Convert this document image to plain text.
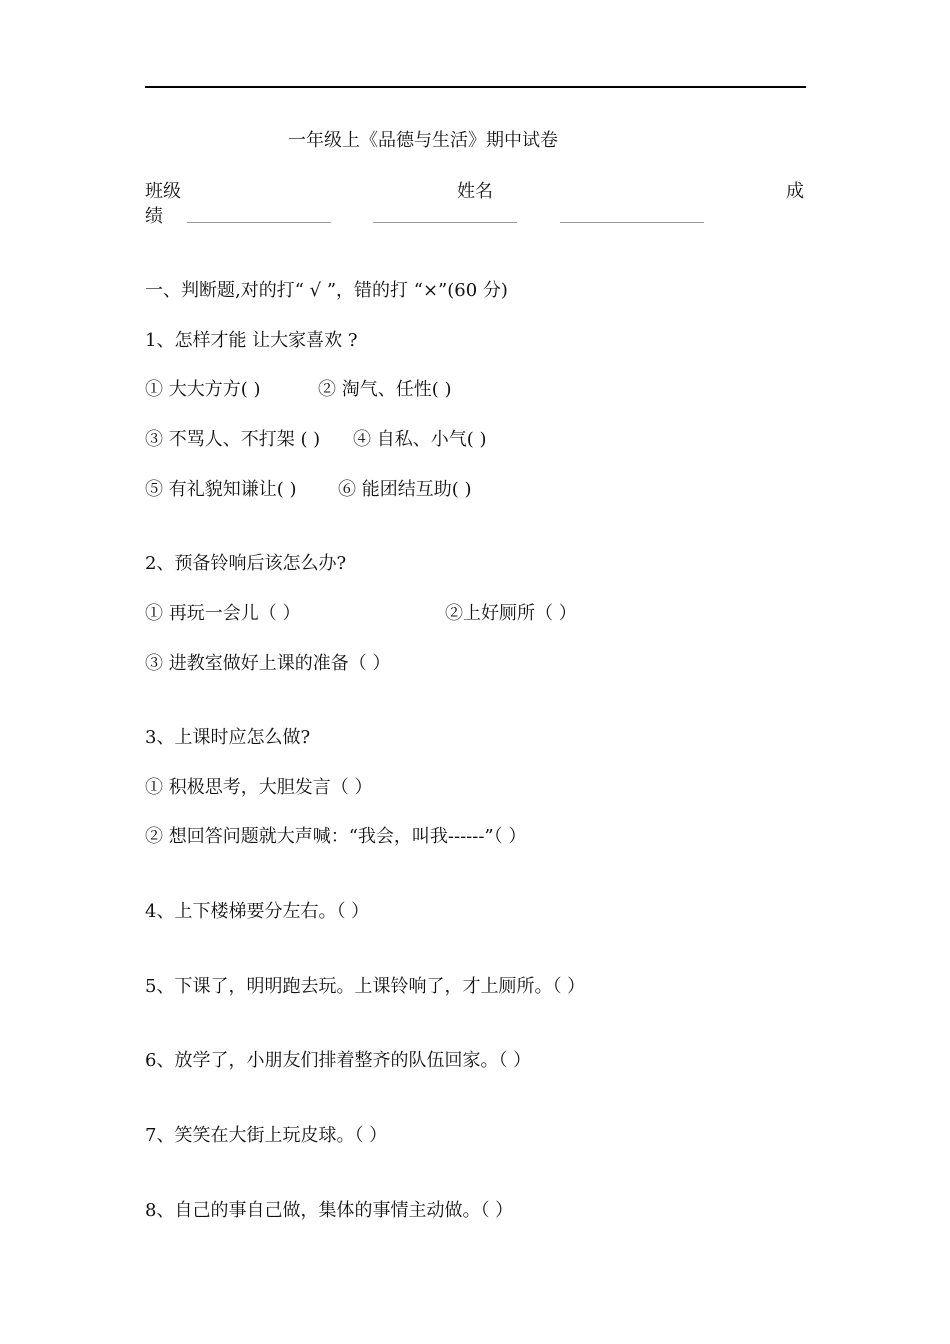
一年级上《品德与生活》期中试卷
班级	姓名	成
绩
一、判断题,对的打“ √ ”，错的打 “×”(60 分)
1、怎样才能 让大家喜欢 ?
① 大大方方( )	② 淘气、任性( )
③ 不骂人、不打架 ( ) ④ 自私、小气( )
⑤ 有礼貌知谦让( ) ⑥ 能团结互助( )
2、预备铃响后该怎么办?
① 再玩一会儿（ ）	②上好厕所（ ）
③ 进教室做好上课的准备（ ）
3、上课时应怎么做?
① 积极思考，大胆发言（ ）
② 想回答问题就大声喊：“我会，叫我------”（ ）
4、上下楼梯要分左右。（ ）
5、下课了，明明跑去玩。上课铃响了，才上厕所。（ ）
6、放学了，小朋友们排着整齐的队伍回家。（ ）
7、笑笑在大街上玩皮球。（ ）
8、自己的事自己做，集体的事情主动做。（ ）
